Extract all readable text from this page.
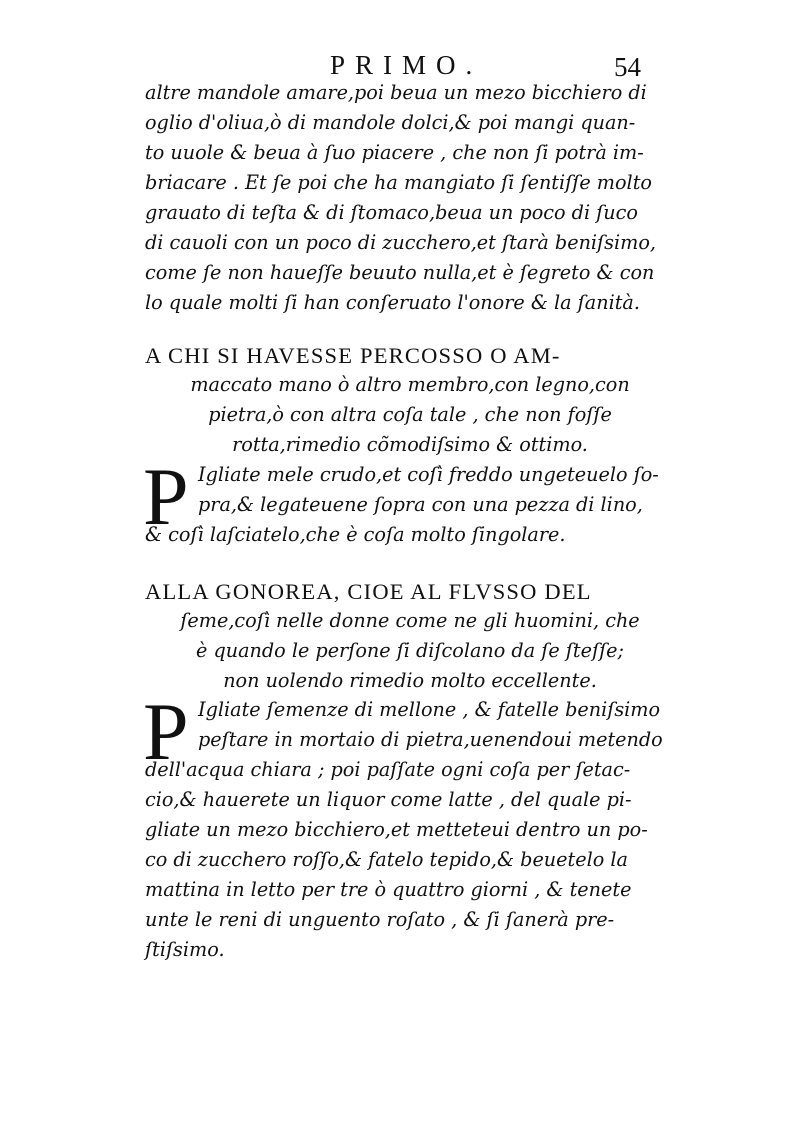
PRIMO.	54
altre mandole amare,poi beua un mezo bicchiero di
oglio d'oliua,ò di mandole dolci,& poi mangi quan-
to uuole & beua à ſuo piacere , che non ſi potrà im-
briacare . Et ſe poi che ha mangiato ſi ſentiſſe molto
grauato di teſta & di ſtomaco,beua un poco di ſuco
di cauoli con un poco di zucchero,et ſtarà beniſsimo,
come ſe non haueſſe beuuto nulla,et è ſegreto & con
lo quale molti ſi han conſeruato l'onore & la ſanità.
A CHI SI HAVESSE PERCOSSO O AM-
maccato mano ò altro membro,con legno,con
pietra,ò con altra coſa tale , che non foſſe
rotta,rimedio cõmodiſsimo & ottimo.
P Igliate mele crudo,et coſì freddo ungeteuelo ſo-
pra,& legateuene ſopra con una pezza di lino,
& coſì laſciatelo,che è coſa molto ſingolare.
ALLA GONOREA, CIOE AL FLVSSO DEL
ſeme,coſì nelle donne come ne gli huomini, che
è quando le perſone ſi diſcolano da ſe ſteſſe;
non uolendo rimedio molto eccellente.
P Igliate ſemenze di mellone , & fatelle beniſsimo
peſtare in mortaio di pietra,uenendoui metendo
dell'acqua chiara ; poi paſſate ogni coſa per ſetac-
cio,& hauerete un liquor come latte , del quale pi-
gliate un mezo bicchiero,et metteteui dentro un po-
co di zucchero roſſo,& fatelo tepido,& beuetelo la
mattina in letto per tre ò quattro giorni , & tenete
unte le reni di unguento roſato , & ſi ſanerà pre-
ſtiſsimo.
